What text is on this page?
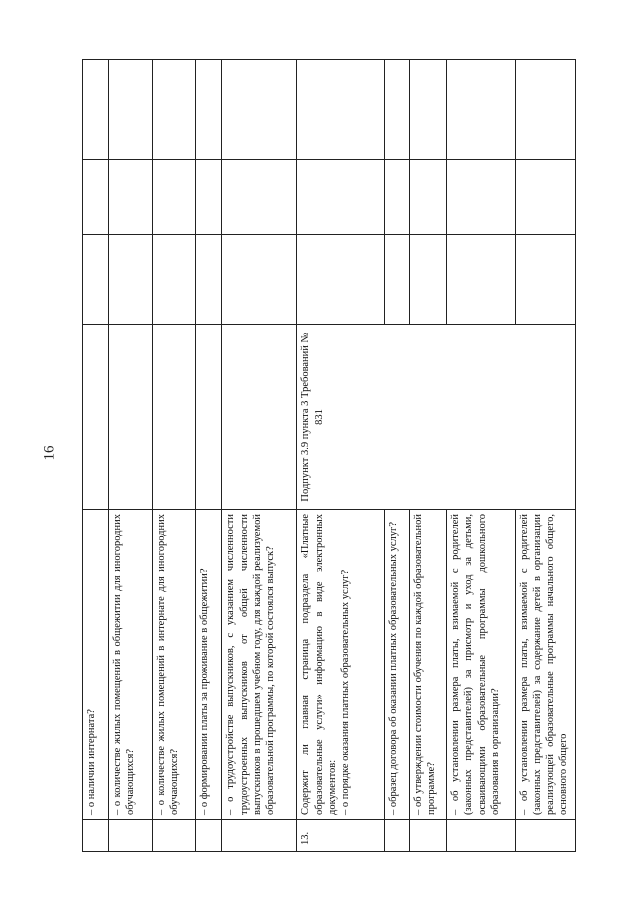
16
	– о наличии интерната?				
	– о количестве жилых помещений в общежитии для иногородних обучающихся?				
	– о количестве жилых помещений в интернате для иногородних обучающихся?				
	– о формировании платы за проживание в общежитии?				
	– о трудоустройстве выпускников, с указанием численности трудоустроенных выпускников от общей численности выпускников в прошедшем учебном году, для каждой реализуемой образовательной программы, по которой состоялся выпуск?				
13.	Содержит ли главная страница подраздела «Платные образовательные услуги» информацию в виде электронных документов: – о порядке оказания платных образовательных услуг?	Подпункт 3.9 пункта 3 Требований № 831			
	– образец договора об оказании платных образовательных услуг?				
	– об утверждении стоимости обучения по каждой образовательной программе?				
	– об установлении размера платы, взимаемой с родителей (законных представителей) за присмотр и уход за детьми, осваивающими образовательные программы дошкольного образования в организации?				
	– об установлении размера платы, взимаемой с родителей (законных представителей) за содержание детей в организации реализующей образовательные программы начального общего, основного общего				
